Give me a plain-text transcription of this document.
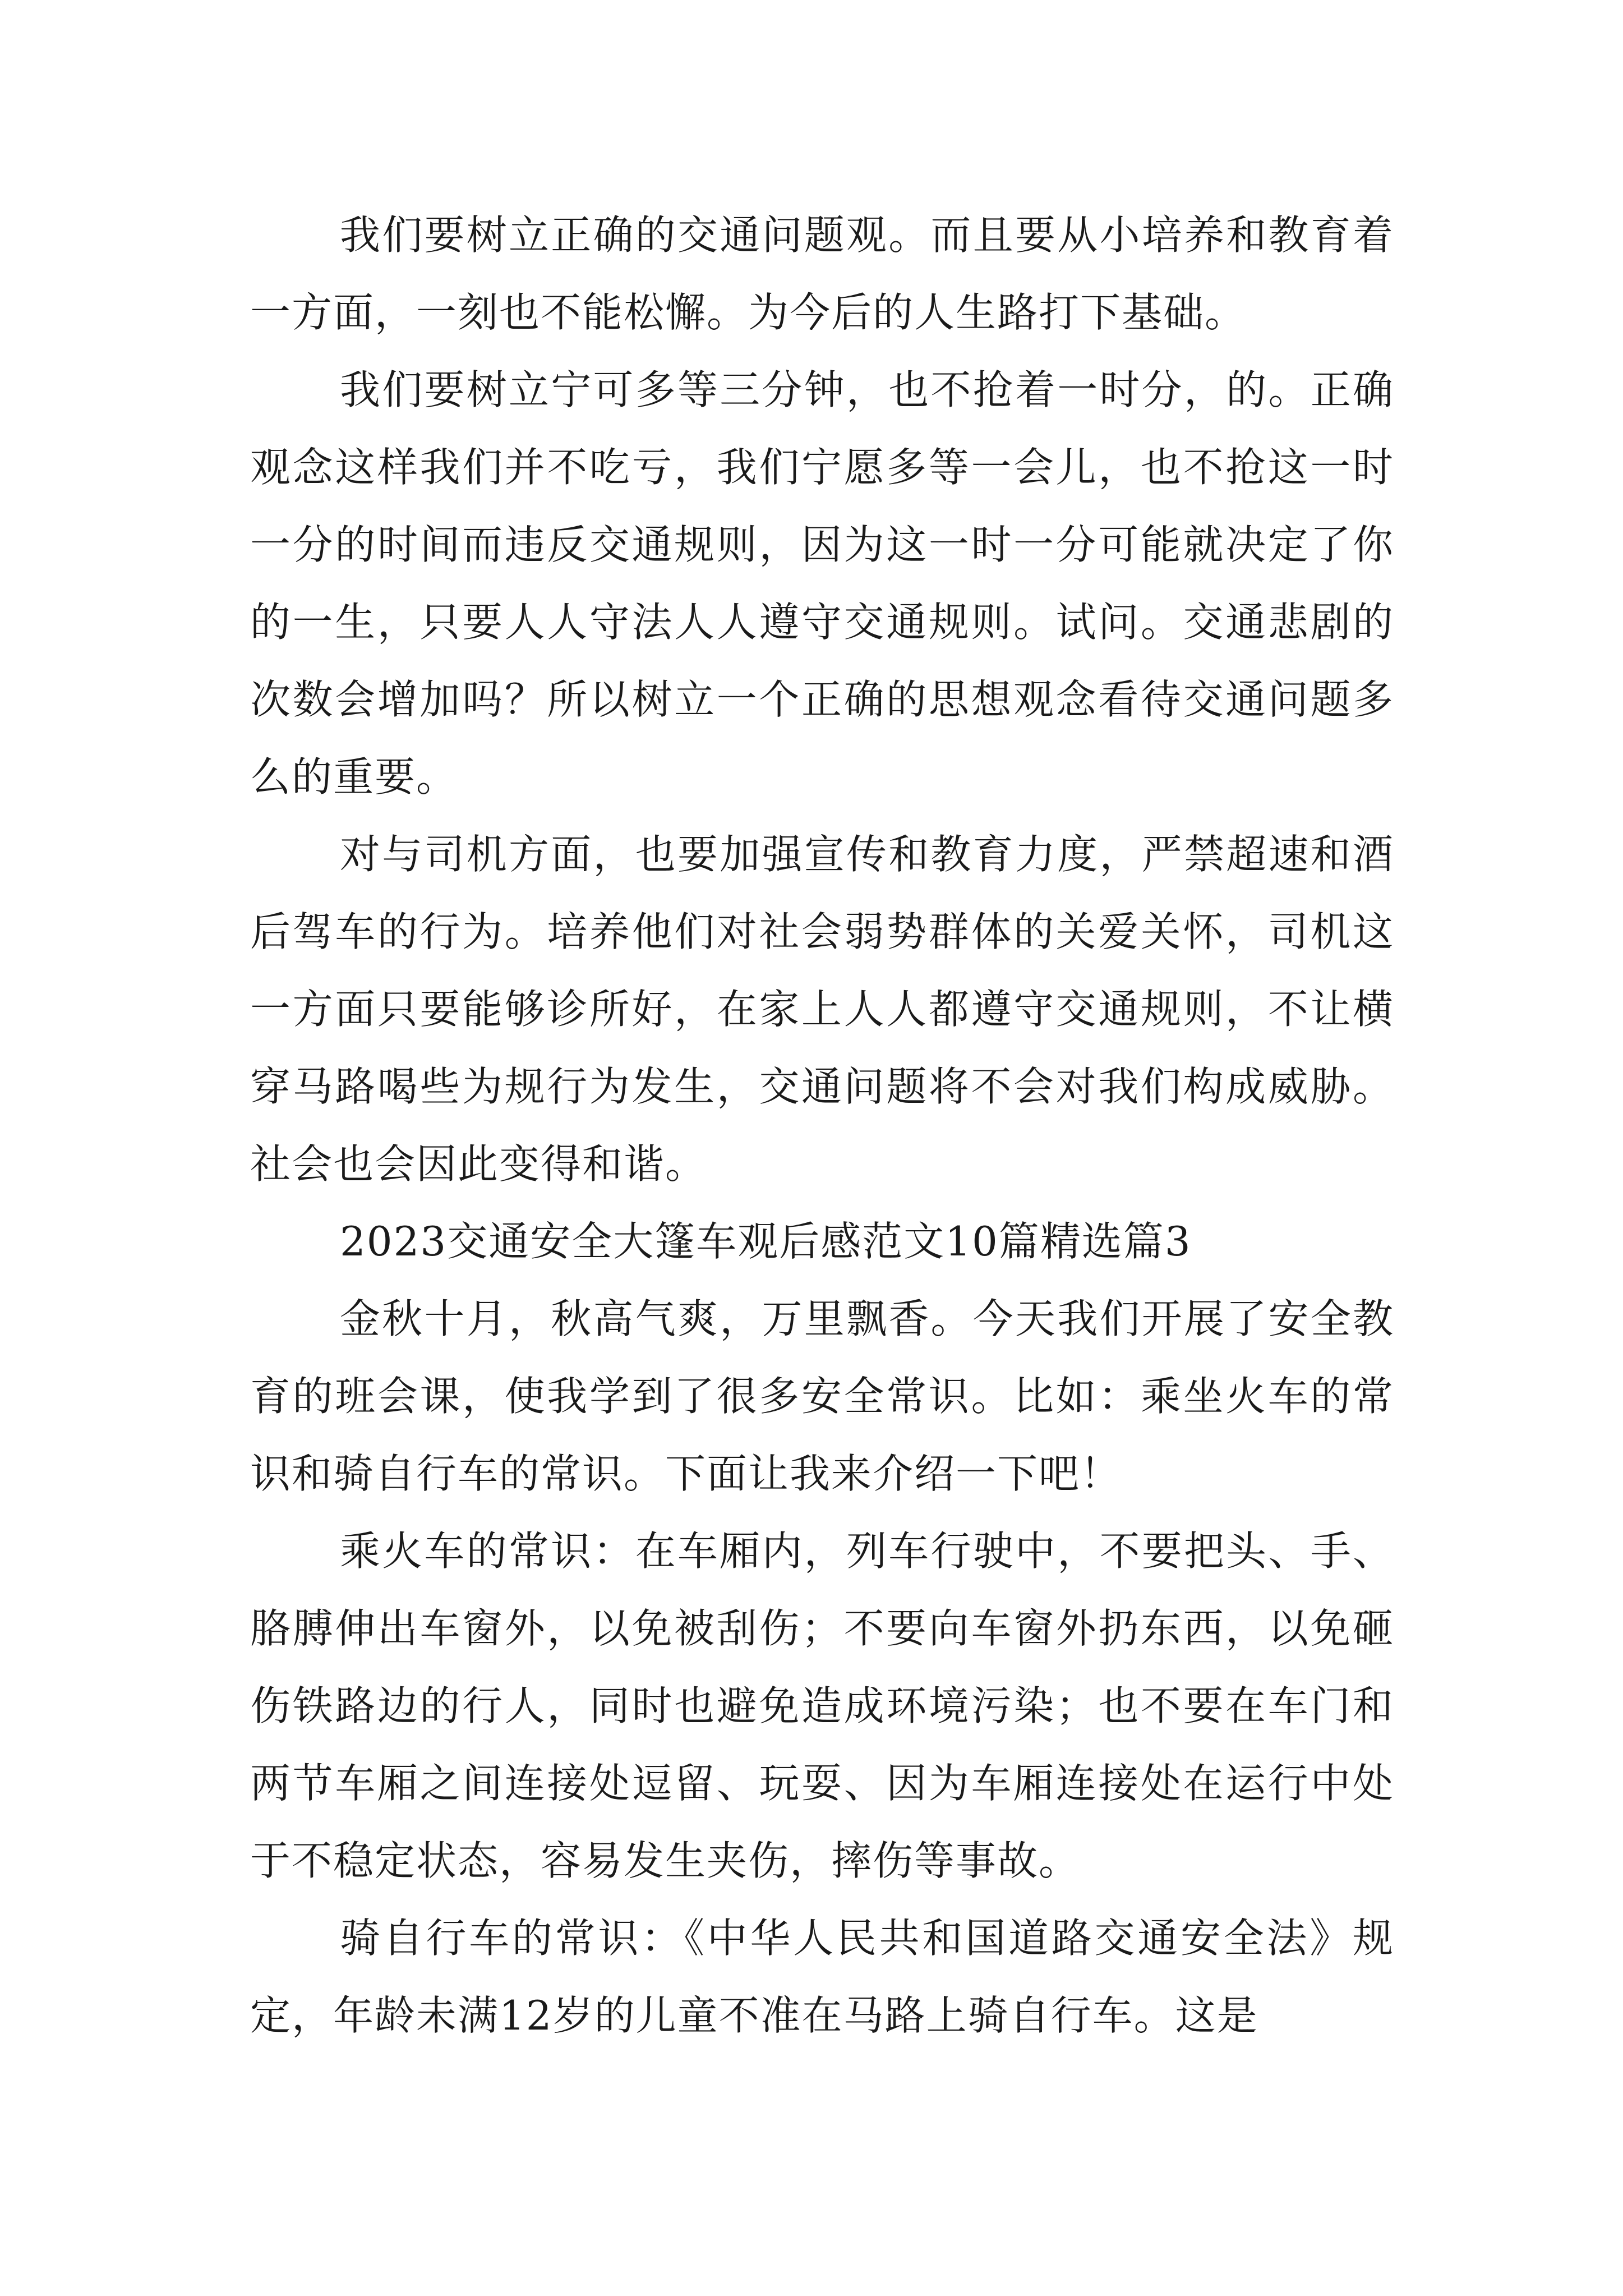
我们要树立正确的交通问题观。而且要从小培养和教育着一方面，一刻也不能松懈。为今后的人生路打下基础。

我们要树立宁可多等三分钟，也不抢着一时分，的。正确观念这样我们并不吃亏，我们宁愿多等一会儿，也不抢这一时一分的时间而违反交通规则，因为这一时一分可能就决定了你的一生，只要人人守法人人遵守交通规则。试问。交通悲剧的次数会增加吗？所以树立一个正确的思想观念看待交通问题多么的重要。

对与司机方面，也要加强宣传和教育力度，严禁超速和酒后驾车的行为。培养他们对社会弱势群体的关爱关怀，司机这一方面只要能够诊所好，在家上人人都遵守交通规则，不让横穿马路喝些为规行为发生，交通问题将不会对我们构成威胁。社会也会因此变得和谐。

2023交通安全大篷车观后感范文10篇精选篇3

金秋十月，秋高气爽，万里飘香。今天我们开展了安全教育的班会课，使我学到了很多安全常识。比如：乘坐火车的常识和骑自行车的常识。下面让我来介绍一下吧！

乘火车的常识：在车厢内，列车行驶中，不要把头、手、胳膊伸出车窗外，以免被刮伤；不要向车窗外扔东西，以免砸伤铁路边的行人，同时也避免造成环境污染；也不要在车门和两节车厢之间连接处逗留、玩耍、因为车厢连接处在运行中处于不稳定状态，容易发生夹伤，摔伤等事故。

骑自行车的常识：《中华人民共和国道路交通安全法》规定，年龄未满12岁的儿童不准在马路上骑自行车。这是
